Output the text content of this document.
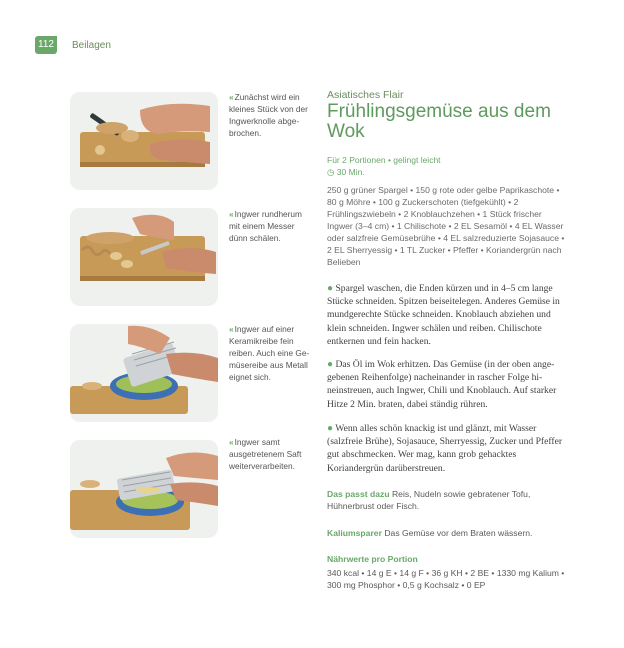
112	Beilagen
«Zunächst wird ein kleines Stück von der Ingwerknolle abgebrochen.
«Ingwer rundherum mit einem Messer dünn schälen.
«Ingwer auf einer Keramikreibe fein reiben. Auch eine Gemüsereibe aus Metall eignet sich.
«Ingwer samt ausgetretenem Saft weiterverarbeiten.
Asiatisches Flair
Frühlingsgemüse aus dem Wok
Für 2 Portionen • gelingt leicht
◷ 30 Min.
250 g grüner Spargel • 150 g rote oder gelbe Paprikaschote • 80 g Möhre • 100 g Zuckerschoten (tiefgekühlt) • 2 Frühlingszwiebeln • 2 Knoblauchzehen • 1 Stück frischer Ingwer (3–4 cm) • 1 Chilischote • 2 EL Sesamöl • 4 EL Wasser oder salzfreie Gemüsebrühe • 4 EL salzreduzierte Sojasauce • 2 EL Sherryessig • 1 TL Zucker • Pfeffer • Koriandergrün nach Belieben
● Spargel waschen, die Enden kürzen und in 4–5 cm lange Stücke schneiden. Spitzen beiseitelegen. Anderes Gemüse in mundgerechte Stücke schneiden. Knoblauch abziehen und klein schneiden. Ingwer schälen und reiben. Chilischote entkernen und fein hacken.
● Das Öl im Wok erhitzen. Das Gemüse (in der oben angegebenen Reihenfolge) nacheinander in rascher Folge hineinstreuen, auch Ingwer, Chili und Knoblauch. Auf starker Hitze 2 Min. braten, dabei ständig rühren.
● Wenn alles schön knackig ist und glänzt, mit Wasser (salzfreie Brühe), Sojasauce, Sherryessig, Zucker und Pfeffer gut abschmecken. Wer mag, kann grob gehacktes Koriandergrün darüberstreuen.
Das passt dazu Reis, Nudeln sowie gebratener Tofu, Hühnerbrust oder Fisch.
Kaliumsparer Das Gemüse vor dem Braten wässern.
Nährwerte pro Portion
340 kcal • 14 g E • 14 g F • 36 g KH • 2 BE • 1330 mg Kalium • 300 mg Phosphor • 0,5 g Kochsalz • 0 EP
